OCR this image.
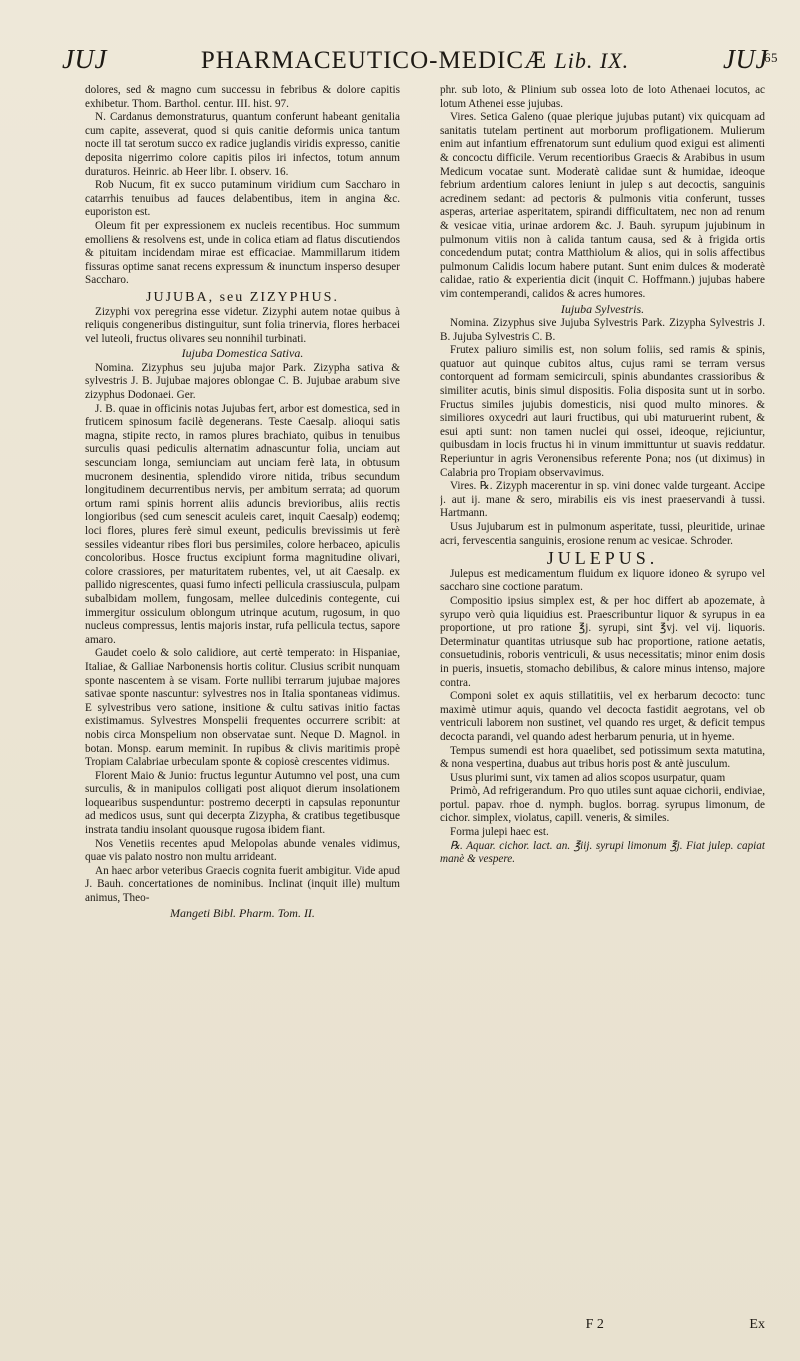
JUJ	PHARMACEUTICO-MEDICÆ Lib. IX.	JUJ
65

dolores, sed & magno cum successu in febribus & dolore capitis exhibetur. Thom. Barthol. centur. III. hist. 97.

N. Cardanus demonstraturus, quantum conferunt habeant genitalia cum capite, asseverat, quod si quis canitie deformis unica tantum nocte ill tat serotum succo ex radice juglandis viridis expresso, canitie deposita nigerrimo colore capitis pilos iri infectos, totum annum duraturos. Heinric. ab Heer libr. I. observ. 16.

Rob Nucum, fit ex succo putaminum viridium cum Saccharo in catarrhis tenuibus ad fauces delabentibus, item in angina &c. euporiston est.

Oleum fit per expressionem ex nucleis recentibus. Hoc summum emolliens & resolvens est, unde in colica etiam ad flatus discutiendos & pituitam incidendam mirae est efficaciae. Mammillarum itidem fissuras optime sanat recens expressum & inunctum insperso desuper Saccharo.

JUJUBA, seu ZIZYPHUS.

Zizyphi vox peregrina esse videtur. Zizyphi autem notae quibus à reliquis congeneribus distinguitur, sunt folia trinervia, flores herbacei vel luteoli, fructus olivares seu nonnihil turbinati.

Iujuba Domestica Sativa.

Nomina. Zizyphus seu jujuba major Park. Zizypha sativa & sylvestris J. B. Jujubae majores oblongae C. B. Jujubae arabum sive zizyphus Dodonaei. Ger.

J. B. quae in officinis notas Jujubas fert, arbor est domestica, sed in fruticem spinosum facilè degenerans. Teste Caesalp. alioqui satis magna, stipite recto, in ramos plures brachiato, quibus in tenuibus surculis quasi pediculis alternatim adnascuntur folia, unciam aut sescunciam longa, semiunciam aut unciam ferè lata, in obtusum mucronem desinentia, splendido virore nitida, tribus secundum longitudinem decurrentibus nervis, per ambitum serrata; ad quorum ortum rami spinis horrent aliis aduncis brevioribus, aliis rectis longioribus (sed cum senescit aculeis caret, inquit Caesalp) eodemq; loci flores, plures ferè simul exeunt, pediculis brevissimis ut ferè sessiles videantur ribes flori bus persimiles, colore herbaceo, apiculis concoloribus. Hosce fructus excipiunt forma magnitudine olivari, colore crassiores, per maturitatem rubentes, vel, ut ait Caesalp. ex pallido nigrescentes, quasi fumo infecti pellicula crassiuscula, pulpam subalbidam mollem, fungosam, mellee dulcedinis contegente, cui immergitur ossiculum oblongum utrinque acutum, rugosum, in quo nucleus compressus, lentis majoris instar, rufa pellicula tectus, sapore amaro.

Gaudet coelo & solo calidiore, aut certè temperato: in Hispaniae, Italiae, & Galliae Narbonensis hortis colitur. Clusius scribit nunquam sponte nascentem à se visam. Forte nullibi terrarum jujubae majores sativae sponte nascuntur: sylvestres nos in Italia spontaneas vidimus. E sylvestribus vero satione, insitione & cultu sativas initio factas existimamus. Sylvestres Monspelii frequentes occurrere scribit: at nobis circa Monspelium non observatae sunt. Neque D. Magnol. in botan. Monsp. earum meminit. In rupibus & clivis maritimis propè Tropiam Calabriae urbeculam sponte & copiosè crescentes vidimus.

Florent Maio & Junio: fructus leguntur Autumno vel post, una cum surculis, & in manipulos colligati post aliquot dierum insolationem loquearibus suspenduntur: postremo decerpti in capsulas reponuntur ad medicos usus, sunt qui decerpta Zizypha, & cratibus tegetibusque instrata tandiu insolant quousque rugosa ibidem fiant.

Nos Venetiis recentes apud Melopolas abunde venales vidimus, quae vis palato nostro non multu arrideant.

An haec arbor veteribus Graecis cognita fuerit ambigitur. Vide apud J. Bauh. concertationes de nominibus. Inclinat (inquit ille) multum animus, Theo-

Mangeti Bibl. Pharm. Tom. II.

phr. sub loto, & Plinium sub ossea loto de loto Athenaei locutos, ac lotum Athenei esse jujubas.

Vires. Setica Galeno (quae plerique jujubas putant) vix quicquam ad sanitatis tutelam pertinent aut morborum profligationem. Mulierum enim aut infantium effrenatorum sunt edulium quod exigui est alimenti & concoctu difficile. Verum recentioribus Graecis & Arabibus in usum Medicum vocatae sunt. Moderatè calidae sunt & humidae, ideoque febrium ardentium calores leniunt in julep s aut decoctis, sanguinis acredinem sedant: ad pectoris & pulmonis vitia conferunt, tusses asperas, arteriae asperitatem, spirandi difficultatem, nec non ad renum & vesicae vitia, urinae ardorem &c. J. Bauh. syrupum jujubinum in pulmonum vitiis non à calida tantum causa, sed & à frigida ortis concedendum putat; contra Matthiolum & alios, qui in solis affectibus pulmonum Calidis locum habere putant. Sunt enim dulces & moderatè calidae, ratio & experientia dicit (inquit C. Hoffmann.) jujubas habere vim contemperandi, calidos & acres humores.

Iujuba Sylvestris.

Nomina. Zizyphus sive Jujuba Sylvestris Park. Zizypha Sylvestris J. B. Jujuba Sylvestris C. B.

Frutex paliuro similis est, non solum foliis, sed ramis & spinis, quatuor aut quinque cubitos altus, cujus rami se terram versus contorquent ad formam semicirculi, spinis abundantes crassioribus & similiter acutis, binis simul dispositis. Folia disposita sunt ut in sorbo. Fructus similes jujubis domesticis, nisi quod multo minores. & similiores oxycedri aut lauri fructibus, qui ubi maturuerint rubent, & esui apti sunt: non tamen nuclei qui ossei, ideoque, rejiciuntur, quibusdam in locis fructus hi in vinum immittuntur ut suavis reddatur. Reperiuntur in agris Veronensibus referente Pona; nos (ut diximus) in Calabria pro Tropiam observavimus.

Vires. ℞. Zizyph macerentur in sp. vini donec valde turgeant. Accipe j. aut ij. mane & sero, mirabilis eis vis inest praeservandi à tussi. Hartmann.

Usus Jujubarum est in pulmonum asperitate, tussi, pleuritide, urinae acri, fervescentia sanguinis, erosione renum ac vesicae. Schroder.

JULEPUS.

Julepus est medicamentum fluidum ex liquore idoneo & syrupo vel saccharo sine coctione paratum.

Compositio ipsius simplex est, & per hoc differt ab apozemate, à syrupo verò quia liquidius est. Praescribuntur liquor & syrupus in ea proportione, ut pro ratione ℥j. syrupi, sint ℥vj. vel vij. liquoris. Determinatur quantitas utriusque sub hac proportione, ratione aetatis, consuetudinis, roboris ventriculi, & usus necessitatis; minor enim dosis in pueris, insuetis, stomacho debilibus, & calore minus intenso, majore contra.

Componi solet ex aquis stillatitiis, vel ex herbarum decocto: tunc maximè utimur aquis, quando vel decocta fastidit aegrotans, vel ob ventriculi laborem non sustinet, vel quando res urget, & deficit tempus decocta parandi, vel quando adest herbarum penuria, ut in hyeme.

Tempus sumendi est hora quaelibet, sed potissimum sexta matutina, & nona vespertina, duabus aut tribus horis post & antè jusculum.

Usus plurimi sunt, vix tamen ad alios scopos usurpatur, quam

Primò, Ad refrigerandum. Pro quo utiles sunt aquae cichorii, endiviae, portul. papav. rhoe d. nymph. buglos. borrag. syrupus limonum, de cichor. simplex, violatus, capill. veneris, & similes.

Forma julepi haec est.

℞. Aquar. cichor. lact. an. ℥iij. syrupi limonum ℥j. Fiat julep. capiat manè & vespere.

F 2	Ex
